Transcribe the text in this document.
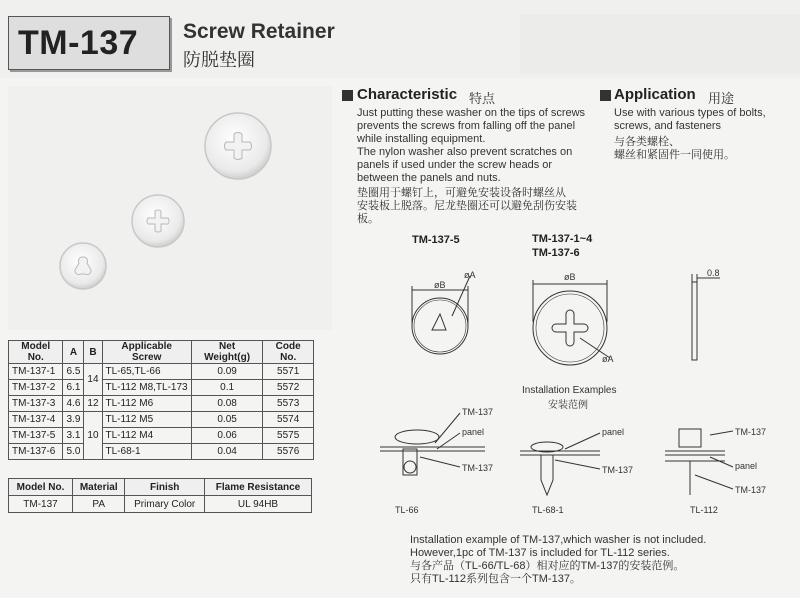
TM-137 Screw Retainer
防脱垫圈
Model No.	A	B	Applicable Screw	Net Weight(g)	Code No.
TM-137-1	6.5	14	TL-65,TL-66	0.09	5571
TM-137-2	6.1		TL-112 M8,TL-173	0.1	5572
TM-137-3	4.6	12	TL-112 M6	0.08	5573
TM-137-4	3.9	10	TL-112 M5	0.05	5574
TM-137-5	3.1		TL-112 M4	0.06	5575
TM-137-6	5.0		TL-68-1	0.04	5576
Model No.	Material	Finish	Flame Resistance
TM-137	PA	Primary Color	UL 94HB
Characteristic 特点
Just putting these washer on the tips of screws
prevents the screws from falling off the panel
while installing equipment.
The nylon washer also prevent scratches on
panels if used under the screw heads or
between the panels and nuts.
垫圈用于螺钉上，可避免安装设备时螺丝从
安装板上脱落。尼龙垫圈还可以避免刮伤安装板。
Application 用途
Use with various types of bolts,
screws, and fasteners
与各类螺栓、
螺丝和紧固件一同使用。
TM-137-5	TM-137-1~4
TM-137-6
øB
øB
øA
øA
0.8
Installation Examples
安装范例
TM-137
panel
TM-137
panel
TM-137
TM-137
panel
TM-137
TL-66	TL-68-1	TL-112
Installation example of TM-137,which washer is not included.
However,1pc of TM-137 is included for TL-112 series.
与各产品（TL-66/TL-68）相对应的TM-137的安装范例。
只有TL-112系列包含一个TM-137。
